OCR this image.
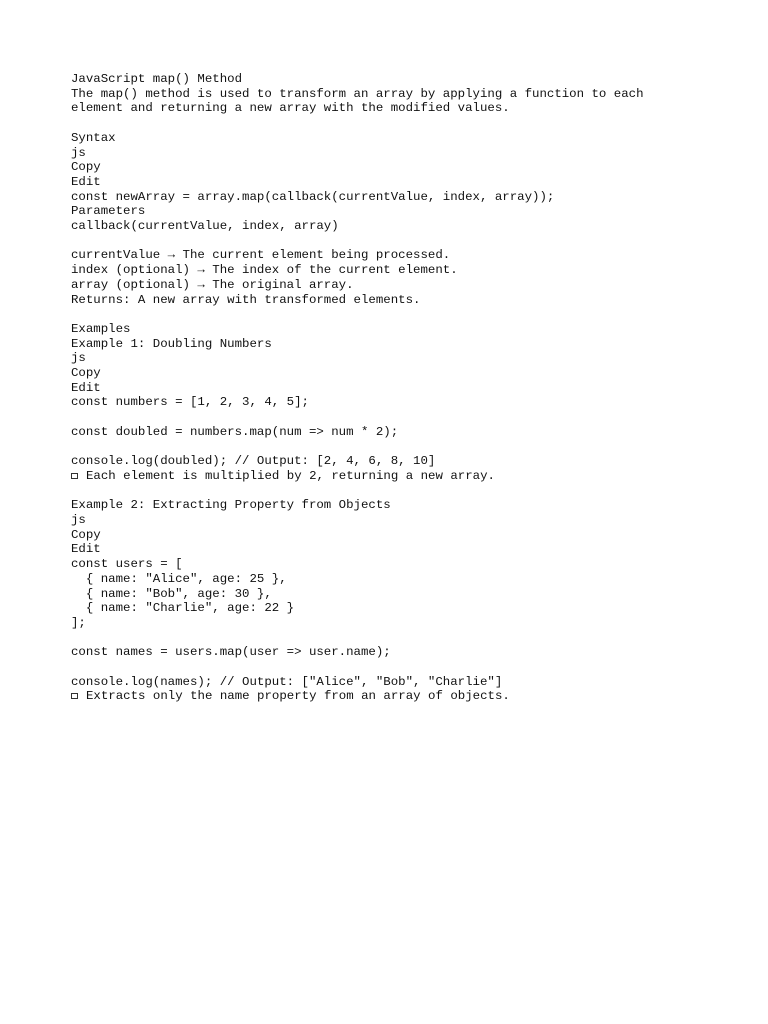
JavaScript map() Method
The map() method is used to transform an array by applying a function to each
element and returning a new array with the modified values.
Syntax
js
Copy
Edit
const newArray = array.map(callback(currentValue, index, array));
Parameters
callback(currentValue, index, array)
currentValue → The current element being processed.
index (optional) → The index of the current element.
array (optional) → The original array.
Returns: A new array with transformed elements.
Examples
Example 1: Doubling Numbers
js
Copy
Edit
const numbers = [1, 2, 3, 4, 5];
const doubled = numbers.map(num => num * 2);
console.log(doubled); // Output: [2, 4, 6, 8, 10]
Each element is multiplied by 2, returning a new array.
Example 2: Extracting Property from Objects
js
Copy
Edit
const users = [
{ name: "Alice", age: 25 },
{ name: "Bob", age: 30 },
{ name: "Charlie", age: 22 }
];
const names = users.map(user => user.name);
console.log(names); // Output: ["Alice", "Bob", "Charlie"]
Extracts only the name property from an array of objects.
